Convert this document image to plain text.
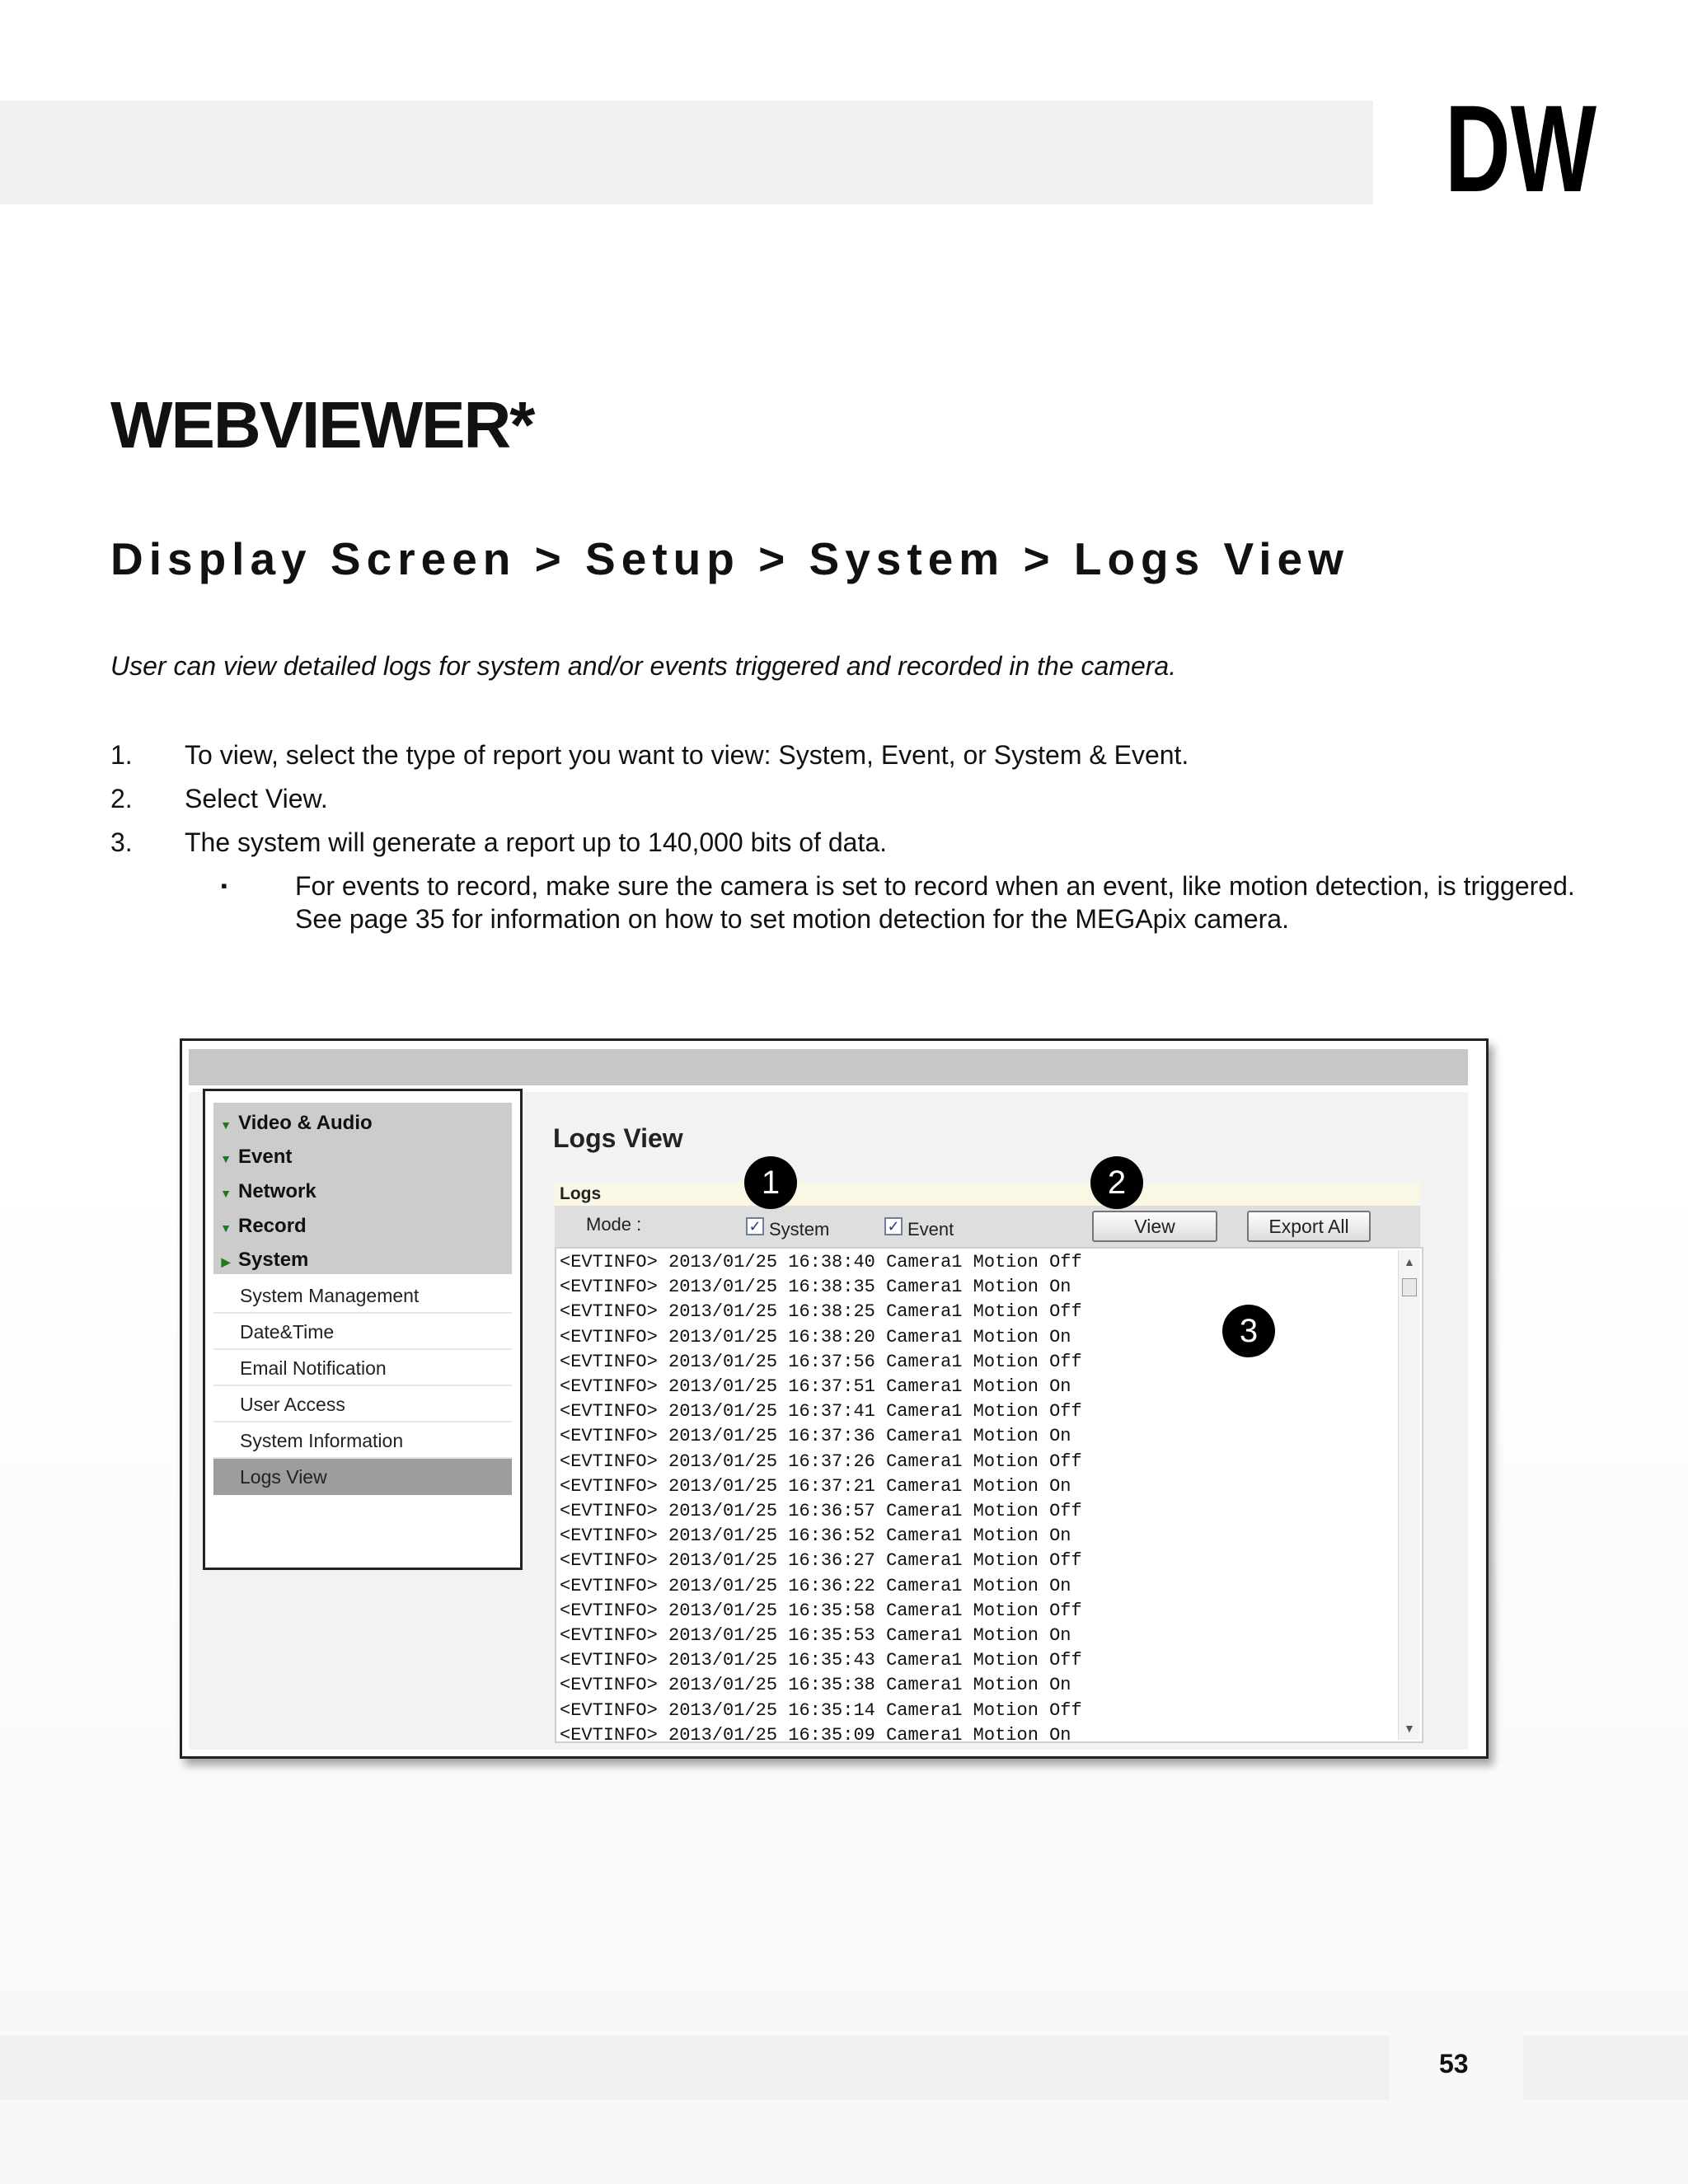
DW
WEBVIEWER*
Display Screen > Setup > System > Logs View

User can view detailed logs for system and/or events triggered and recorded in the camera.

1. To view, select the type of report you want to view: System, Event, or System & Event.
2. Select View.
3. The system will generate a report up to 140,000 bits of data.
▪	For events to record, make sure the camera is set to record when an event, like motion detection, is triggered. See page 35 for information on how to set motion detection for the MEGApix camera.
▼ Video & Audio
▼ Event
▼ Network
▼ Record
▶ System
System Management
Date&Time
Email Notification
User Access
System Information
Logs View
Logs View
Logs
Mode :	✓ System	✓ Event	View	Export All
<EVTINFO> 2013/01/25 16:38:40 Camera1 Motion Off
<EVTINFO> 2013/01/25 16:38:35 Camera1 Motion On
<EVTINFO> 2013/01/25 16:38:25 Camera1 Motion Off
<EVTINFO> 2013/01/25 16:38:20 Camera1 Motion On
<EVTINFO> 2013/01/25 16:37:56 Camera1 Motion Off
<EVTINFO> 2013/01/25 16:37:51 Camera1 Motion On
<EVTINFO> 2013/01/25 16:37:41 Camera1 Motion Off
<EVTINFO> 2013/01/25 16:37:36 Camera1 Motion On
<EVTINFO> 2013/01/25 16:37:26 Camera1 Motion Off
<EVTINFO> 2013/01/25 16:37:21 Camera1 Motion On
<EVTINFO> 2013/01/25 16:36:57 Camera1 Motion Off
<EVTINFO> 2013/01/25 16:36:52 Camera1 Motion On
<EVTINFO> 2013/01/25 16:36:27 Camera1 Motion Off
<EVTINFO> 2013/01/25 16:36:22 Camera1 Motion On
<EVTINFO> 2013/01/25 16:35:58 Camera1 Motion Off
<EVTINFO> 2013/01/25 16:35:53 Camera1 Motion On
<EVTINFO> 2013/01/25 16:35:43 Camera1 Motion Off
<EVTINFO> 2013/01/25 16:35:38 Camera1 Motion On
<EVTINFO> 2013/01/25 16:35:14 Camera1 Motion Off
<EVTINFO> 2013/01/25 16:35:09 Camera1 Motion On
▲
▼
1	2
3
53
